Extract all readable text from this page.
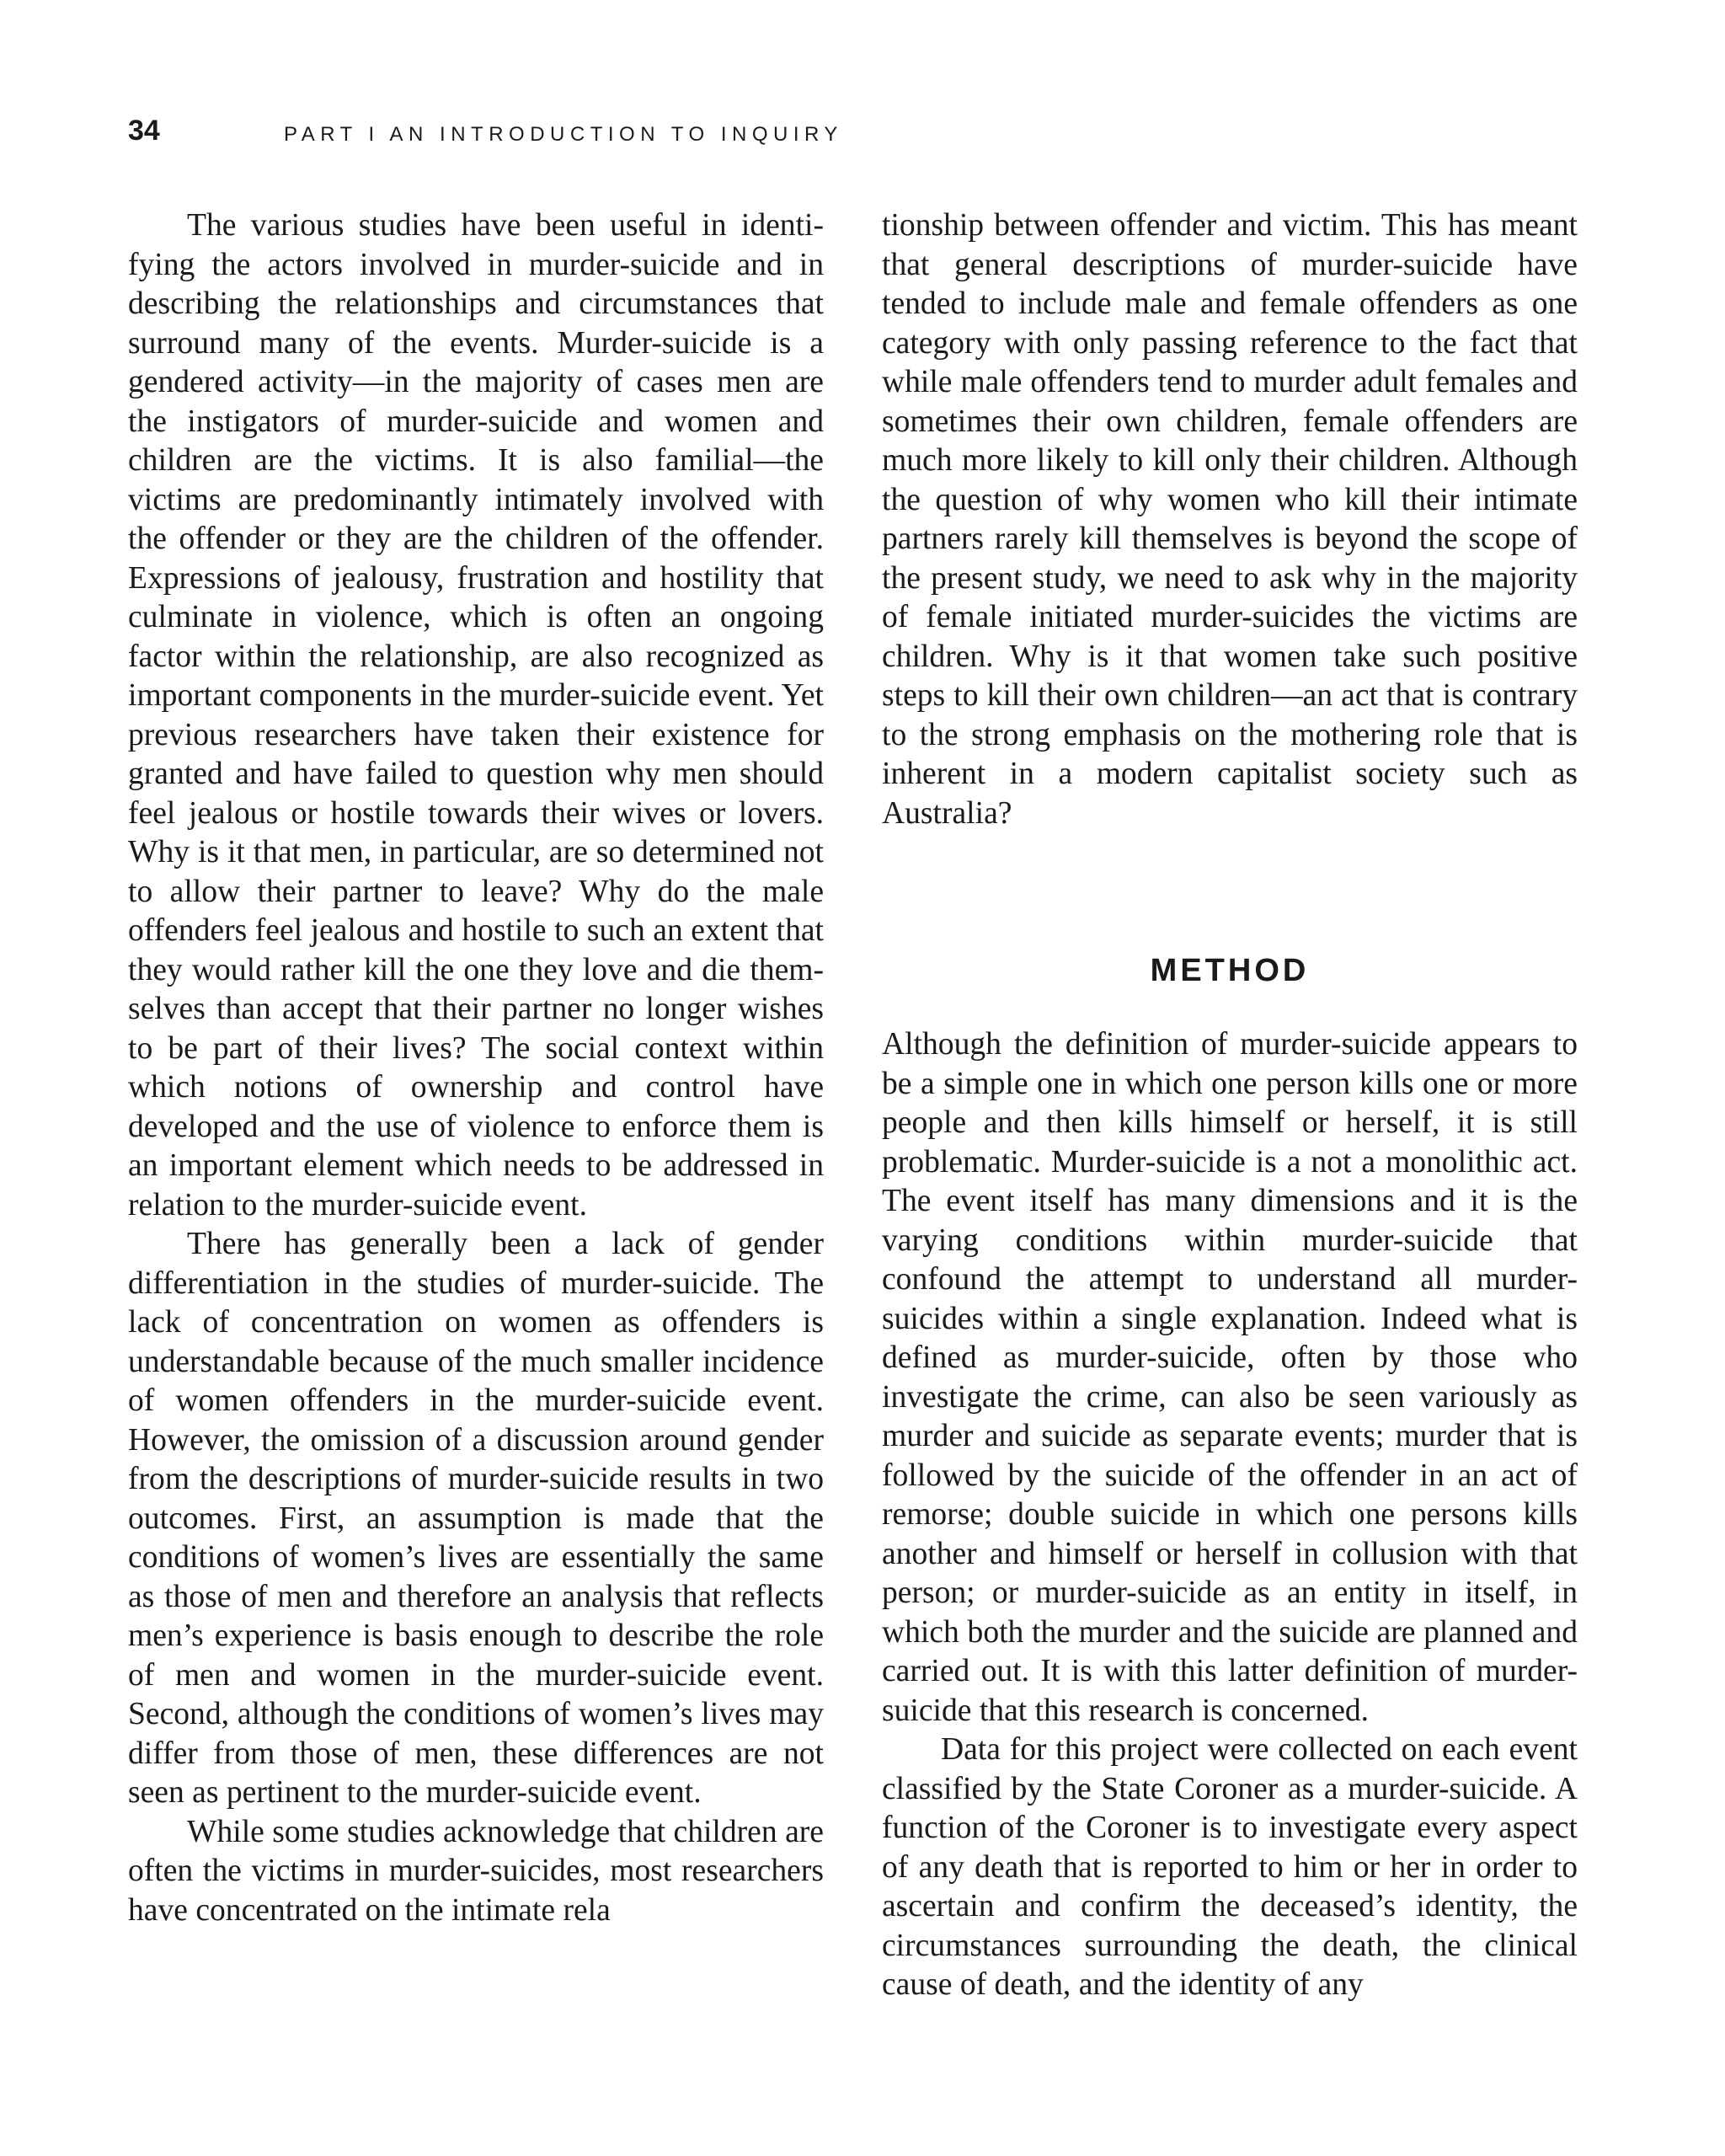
34	PART I AN INTRODUCTION TO INQUIRY

The various studies have been useful in identifying the actors involved in murder-suicide and in describing the relationships and circumstances that surround many of the events. Murder-suicide is a gendered activity—in the majority of cases men are the instigators of murder-suicide and women and children are the victims. It is also familial—the victims are predominantly intimately involved with the offender or they are the children of the offender. Expressions of jealousy, frustration and hostility that culminate in violence, which is often an ongoing factor within the relationship, are also recognized as important components in the murder-suicide event. Yet previous researchers have taken their existence for granted and have failed to question why men should feel jealous or hostile towards their wives or lovers. Why is it that men, in particular, are so determined not to allow their partner to leave? Why do the male offenders feel jealous and hostile to such an extent that they would rather kill the one they love and die themselves than accept that their partner no longer wishes to be part of their lives? The social context within which notions of ownership and control have developed and the use of violence to enforce them is an important element which needs to be addressed in relation to the murder-suicide event.

There has generally been a lack of gender differentiation in the studies of murder-suicide. The lack of concentration on women as offenders is understandable because of the much smaller incidence of women offenders in the murder-suicide event. However, the omission of a discussion around gender from the descriptions of murder-suicide results in two outcomes. First, an assumption is made that the conditions of women’s lives are essentially the same as those of men and therefore an analysis that reflects men’s experience is basis enough to describe the role of men and women in the murder-suicide event. Second, although the conditions of women’s lives may differ from those of men, these differences are not seen as pertinent to the murder-suicide event.

While some studies acknowledge that children are often the victims in murder-suicides, most researchers have concentrated on the intimate rela

tionship between offender and victim. This has meant that general descriptions of murder-suicide have tended to include male and female offenders as one category with only passing reference to the fact that while male offenders tend to murder adult females and sometimes their own children, female offenders are much more likely to kill only their children. Although the question of why women who kill their intimate partners rarely kill themselves is beyond the scope of the present study, we need to ask why in the majority of female initiated murder-suicides the victims are children. Why is it that women take such positive steps to kill their own children—an act that is contrary to the strong emphasis on the mothering role that is inherent in a modern capitalist society such as Australia?

METHOD

Although the definition of murder-suicide appears to be a simple one in which one person kills one or more people and then kills himself or herself, it is still problematic. Murder-suicide is a not a monolithic act. The event itself has many dimensions and it is the varying conditions within murder-suicide that confound the attempt to understand all murder-suicides within a single explanation. Indeed what is defined as murder-suicide, often by those who investigate the crime, can also be seen variously as murder and suicide as separate events; murder that is followed by the suicide of the offender in an act of remorse; double suicide in which one persons kills another and himself or herself in collusion with that person; or murder-suicide as an entity in itself, in which both the murder and the suicide are planned and carried out. It is with this latter definition of murder-suicide that this research is concerned.

Data for this project were collected on each event classified by the State Coroner as a murder-suicide. A function of the Coroner is to investigate every aspect of any death that is reported to him or her in order to ascertain and confirm the deceased’s identity, the circumstances surrounding the death, the clinical cause of death, and the identity of any
